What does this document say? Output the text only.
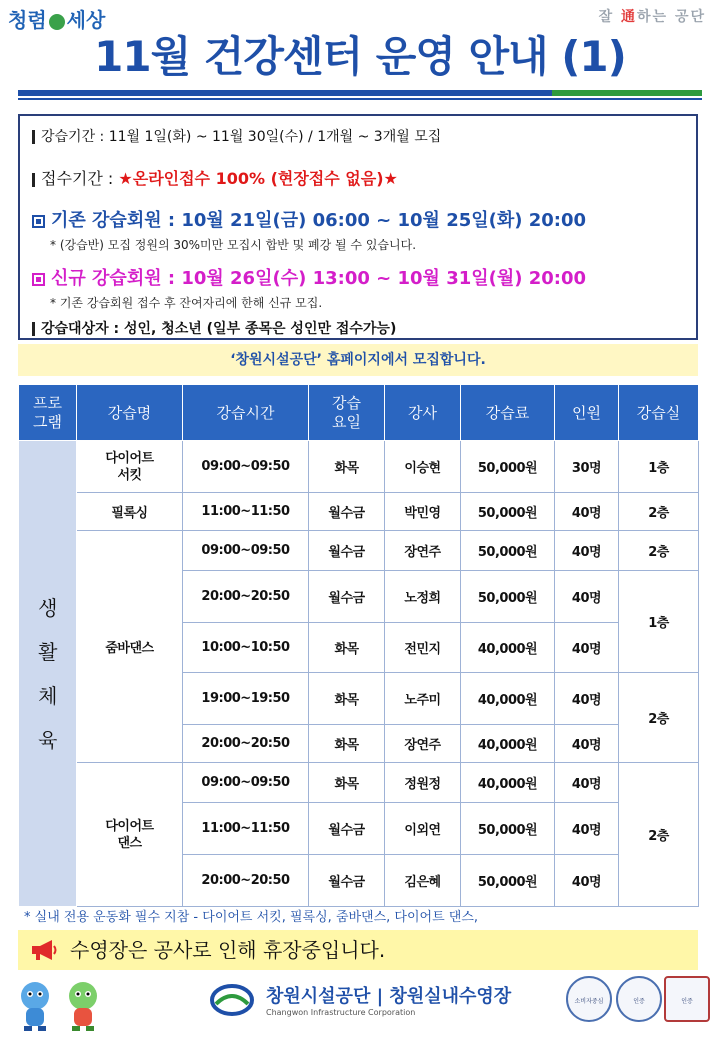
청렴 세상	잘 通하는 공단
11월 건강센터 운영 안내 (1)
강습기간 : 11월 1일(화) ~ 11월 30일(수) / 1개월 ~ 3개월 모집
접수기간 : ★온라인접수 100% (현장접수 없음)★
기존 강습회원 : 10월 21일(금) 06:00 ~ 10월 25일(화) 20:00
* (강습반) 모집 정원의 30%미만 모집시 합반 및 폐강 될 수 있습니다.
신규 강습회원 : 10월 26일(수) 13:00 ~ 10월 31일(월) 20:00
* 기존 강습회원 접수 후 잔여자리에 한해 신규 모집.
강습대상자 : 성인, 청소년 (일부 종목은 성인만 접수가능)
‘창원시설공단’ 홈페이지에서 모집합니다.
프로
그램	강습명	강습시간	강습
요일	강사	강습료	인원	강습실
생
활
체
육	다이어트
서킷	09:00~09:50	화목	이승현	50,000원	30명	1층
	필록싱	11:00~11:50	월수금	박민영	50,000원	40명	2층
	줌바댄스	09:00~09:50	월수금	장연주	50,000원	40명	2층
		20:00~20:50	월수금	노정희	50,000원	40명	1층
		10:00~10:50	화목	전민지	40,000원	40명	
		19:00~19:50	화목	노주미	40,000원	40명	2층
		20:00~20:50	화목	장연주	40,000원	40명	
	다이어트
댄스	09:00~09:50	화목	정원정	40,000원	40명	2층
		11:00~11:50	월수금	이외연	50,000원	40명	
		20:00~20:50	월수금	김은혜	50,000원	40명	
* 실내 전용 운동화 필수 지참 - 다이어트 서킷, 필록싱, 줌바댄스, 다이어트 댄스,
수영장은 공사로 인해 휴장중입니다.
창원시설공단 | 창원실내수영장
Changwon Infrastructure Corporation
소비자중심	인증	인증
